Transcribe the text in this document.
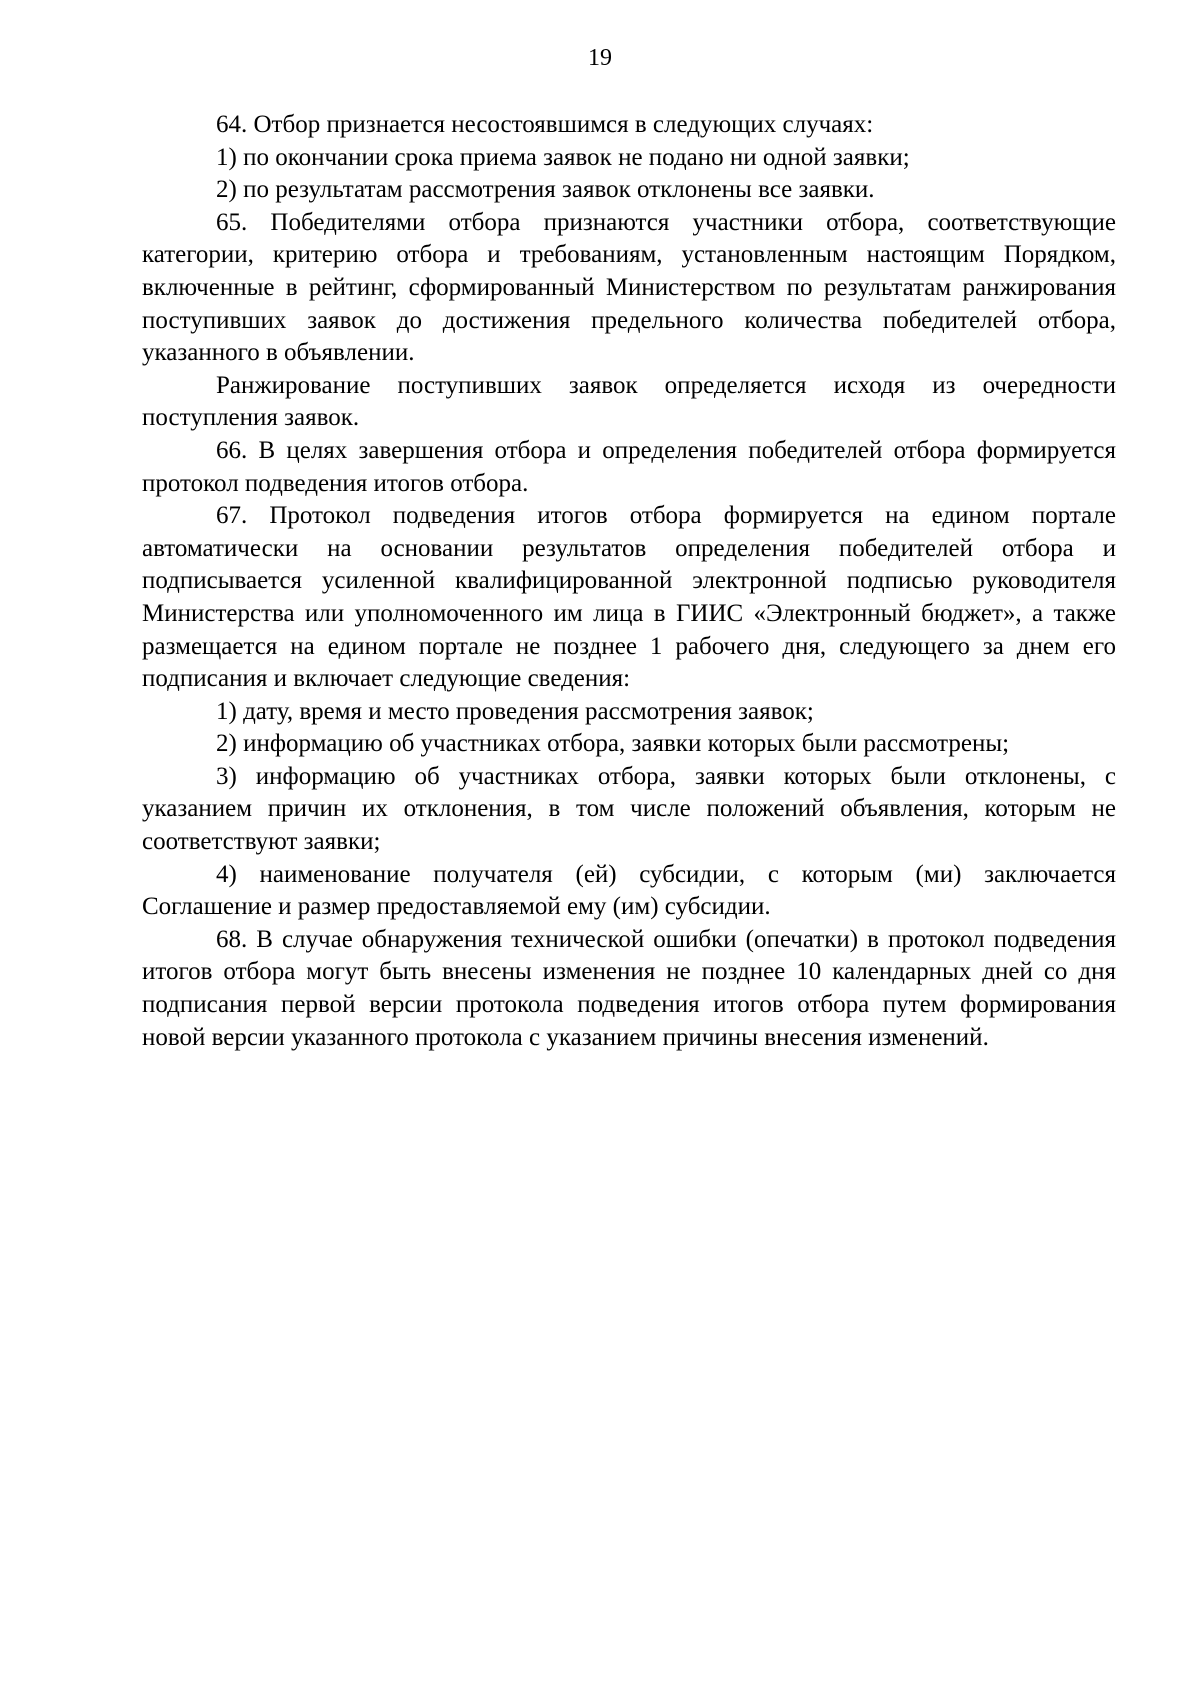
19

64. Отбор признается несостоявшимся в следующих случаях:

1) по окончании срока приема заявок не подано ни одной заявки;

2) по результатам рассмотрения заявок отклонены все заявки.

65. Победителями отбора признаются участники отбора, соответствующие категории, критерию отбора и требованиям, установленным настоящим Порядком, включенные в рейтинг, сформированный Министерством по результатам ранжирования поступивших заявок до достижения предельного количества победителей отбора, указанного в объявлении.

Ранжирование поступивших заявок определяется исходя из очередности поступления заявок.

66. В целях завершения отбора и определения победителей отбора формируется протокол подведения итогов отбора.

67. Протокол подведения итогов отбора формируется на едином портале автоматически на основании результатов определения победителей отбора и подписывается усиленной квалифицированной электронной подписью руководителя Министерства или уполномоченного им лица в ГИИС «Электронный бюджет», а также размещается на едином портале не позднее 1 рабочего дня, следующего за днем его подписания и включает следующие сведения:

1) дату, время и место проведения рассмотрения заявок;

2) информацию об участниках отбора, заявки которых были рассмотрены;

3) информацию об участниках отбора, заявки которых были отклонены, с указанием причин их отклонения, в том числе положений объявления, которым не соответствуют заявки;

4) наименование получателя (ей) субсидии, с которым (ми) заключается Соглашение и размер предоставляемой ему (им) субсидии.

68. В случае обнаружения технической ошибки (опечатки) в протокол подведения итогов отбора могут быть внесены изменения не позднее 10 календарных дней со дня подписания первой версии протокола подведения итогов отбора путем формирования новой версии указанного протокола с указанием причины внесения изменений.
